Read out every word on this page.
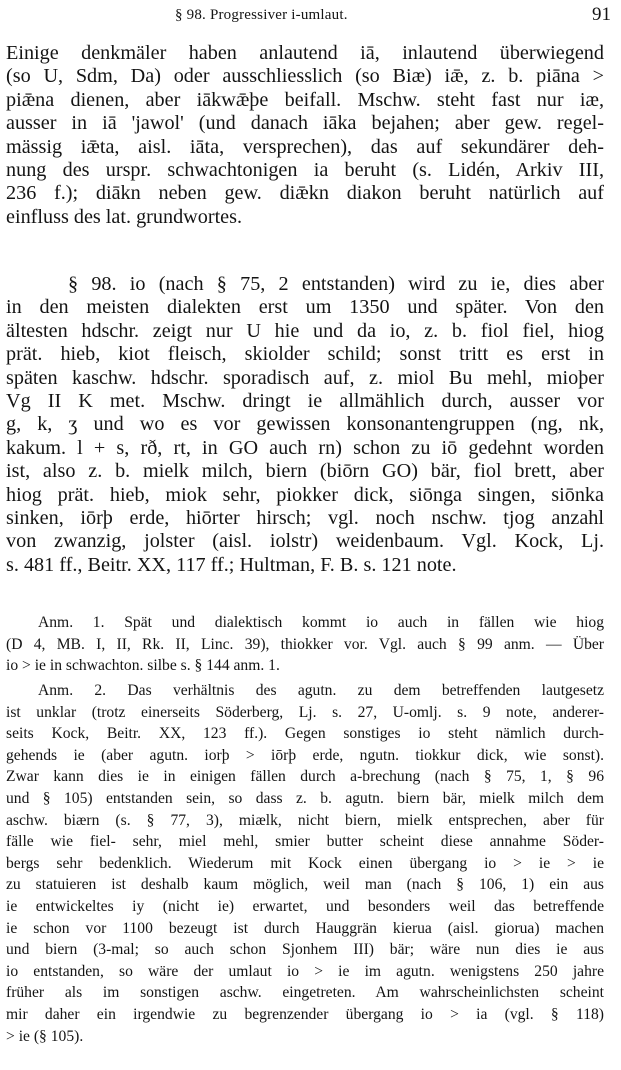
§ 98. Progressiver i-umlaut.	91
Einige denkmäler haben anlautend iā, inlautend überwiegend
(so U, Sdm, Da) oder ausschliesslich (so Biæ) iǣ, z. b. piāna >
piǣna dienen, aber iākwǣþe beifall. Mschw. steht fast nur iæ,
ausser in iā 'jawol' (und danach iāka bejahen; aber gew. regel-
mässig iǣta, aisl. iāta, versprechen), das auf sekundärer deh-
nung des urspr. schwachtonigen ia beruht (s. Lidén, Arkiv III,
236 f.); diākn neben gew. diǣkn diakon beruht natürlich auf
einfluss des lat. grundwortes.
§ 98. io (nach § 75, 2 entstanden) wird zu ie, dies aber
in den meisten dialekten erst um 1350 und später. Von den
ältesten hdschr. zeigt nur U hie und da io, z. b. fiol fiel, hiog
prät. hieb, kiot fleisch, skiolder schild; sonst tritt es erst in
späten kaschw. hdschr. sporadisch auf, z. miol Bu mehl, mioþer
Vg II K met. Mschw. dringt ie allmählich durch, ausser vor
g, k, ʒ und wo es vor gewissen konsonantengruppen (ng, nk,
kakum. l + s, rð, rt, in GO auch rn) schon zu iō gedehnt worden
ist, also z. b. mielk milch, biern (biōrn GO) bär, fiol brett, aber
hiog prät. hieb, miok sehr, piokker dick, siōnga singen, siōnka
sinken, iōrþ erde, hiōrter hirsch; vgl. noch nschw. tjog anzahl
von zwanzig, jolster (aisl. iolstr) weidenbaum. Vgl. Kock, Lj.
s. 481 ff., Beitr. XX, 117 ff.; Hultman, F. B. s. 121 note.
Anm. 1. Spät und dialektisch kommt io auch in fällen wie hiog
(D 4, MB. I, II, Rk. II, Linc. 39), thiokker vor. Vgl. auch § 99 anm. — Über
io > ie in schwachton. silbe s. § 144 anm. 1.
Anm. 2. Das verhältnis des agutn. zu dem betreffenden lautgesetz
ist unklar (trotz einerseits Söderberg, Lj. s. 27, U-omlj. s. 9 note, anderer-
seits Kock, Beitr. XX, 123 ff.). Gegen sonstiges io steht nämlich durch-
gehends ie (aber agutn. iorþ > iōrþ erde, ngutn. tiokkur dick, wie sonst).
Zwar kann dies ie in einigen fällen durch a-brechung (nach § 75, 1, § 96
und § 105) entstanden sein, so dass z. b. agutn. biern bär, mielk milch dem
aschw. biærn (s. § 77, 3), miælk, nicht biern, mielk entsprechen, aber für
fälle wie fiel- sehr, miel mehl, smier butter scheint diese annahme Söder-
bergs sehr bedenklich. Wiederum mit Kock einen übergang io > ie > ie
zu statuieren ist deshalb kaum möglich, weil man (nach § 106, 1) ein aus
ie entwickeltes iy (nicht ie) erwartet, und besonders weil das betreffende
ie schon vor 1100 bezeugt ist durch Hauggrän kierua (aisl. giorua) machen
und biern (3-mal; so auch schon Sjonhem III) bär; wäre nun dies ie aus
io entstanden, so wäre der umlaut io > ie im agutn. wenigstens 250 jahre
früher als im sonstigen aschw. eingetreten. Am wahrscheinlichsten scheint
mir daher ein irgendwie zu begrenzender übergang io > ia (vgl. § 118)
> ie (§ 105).
